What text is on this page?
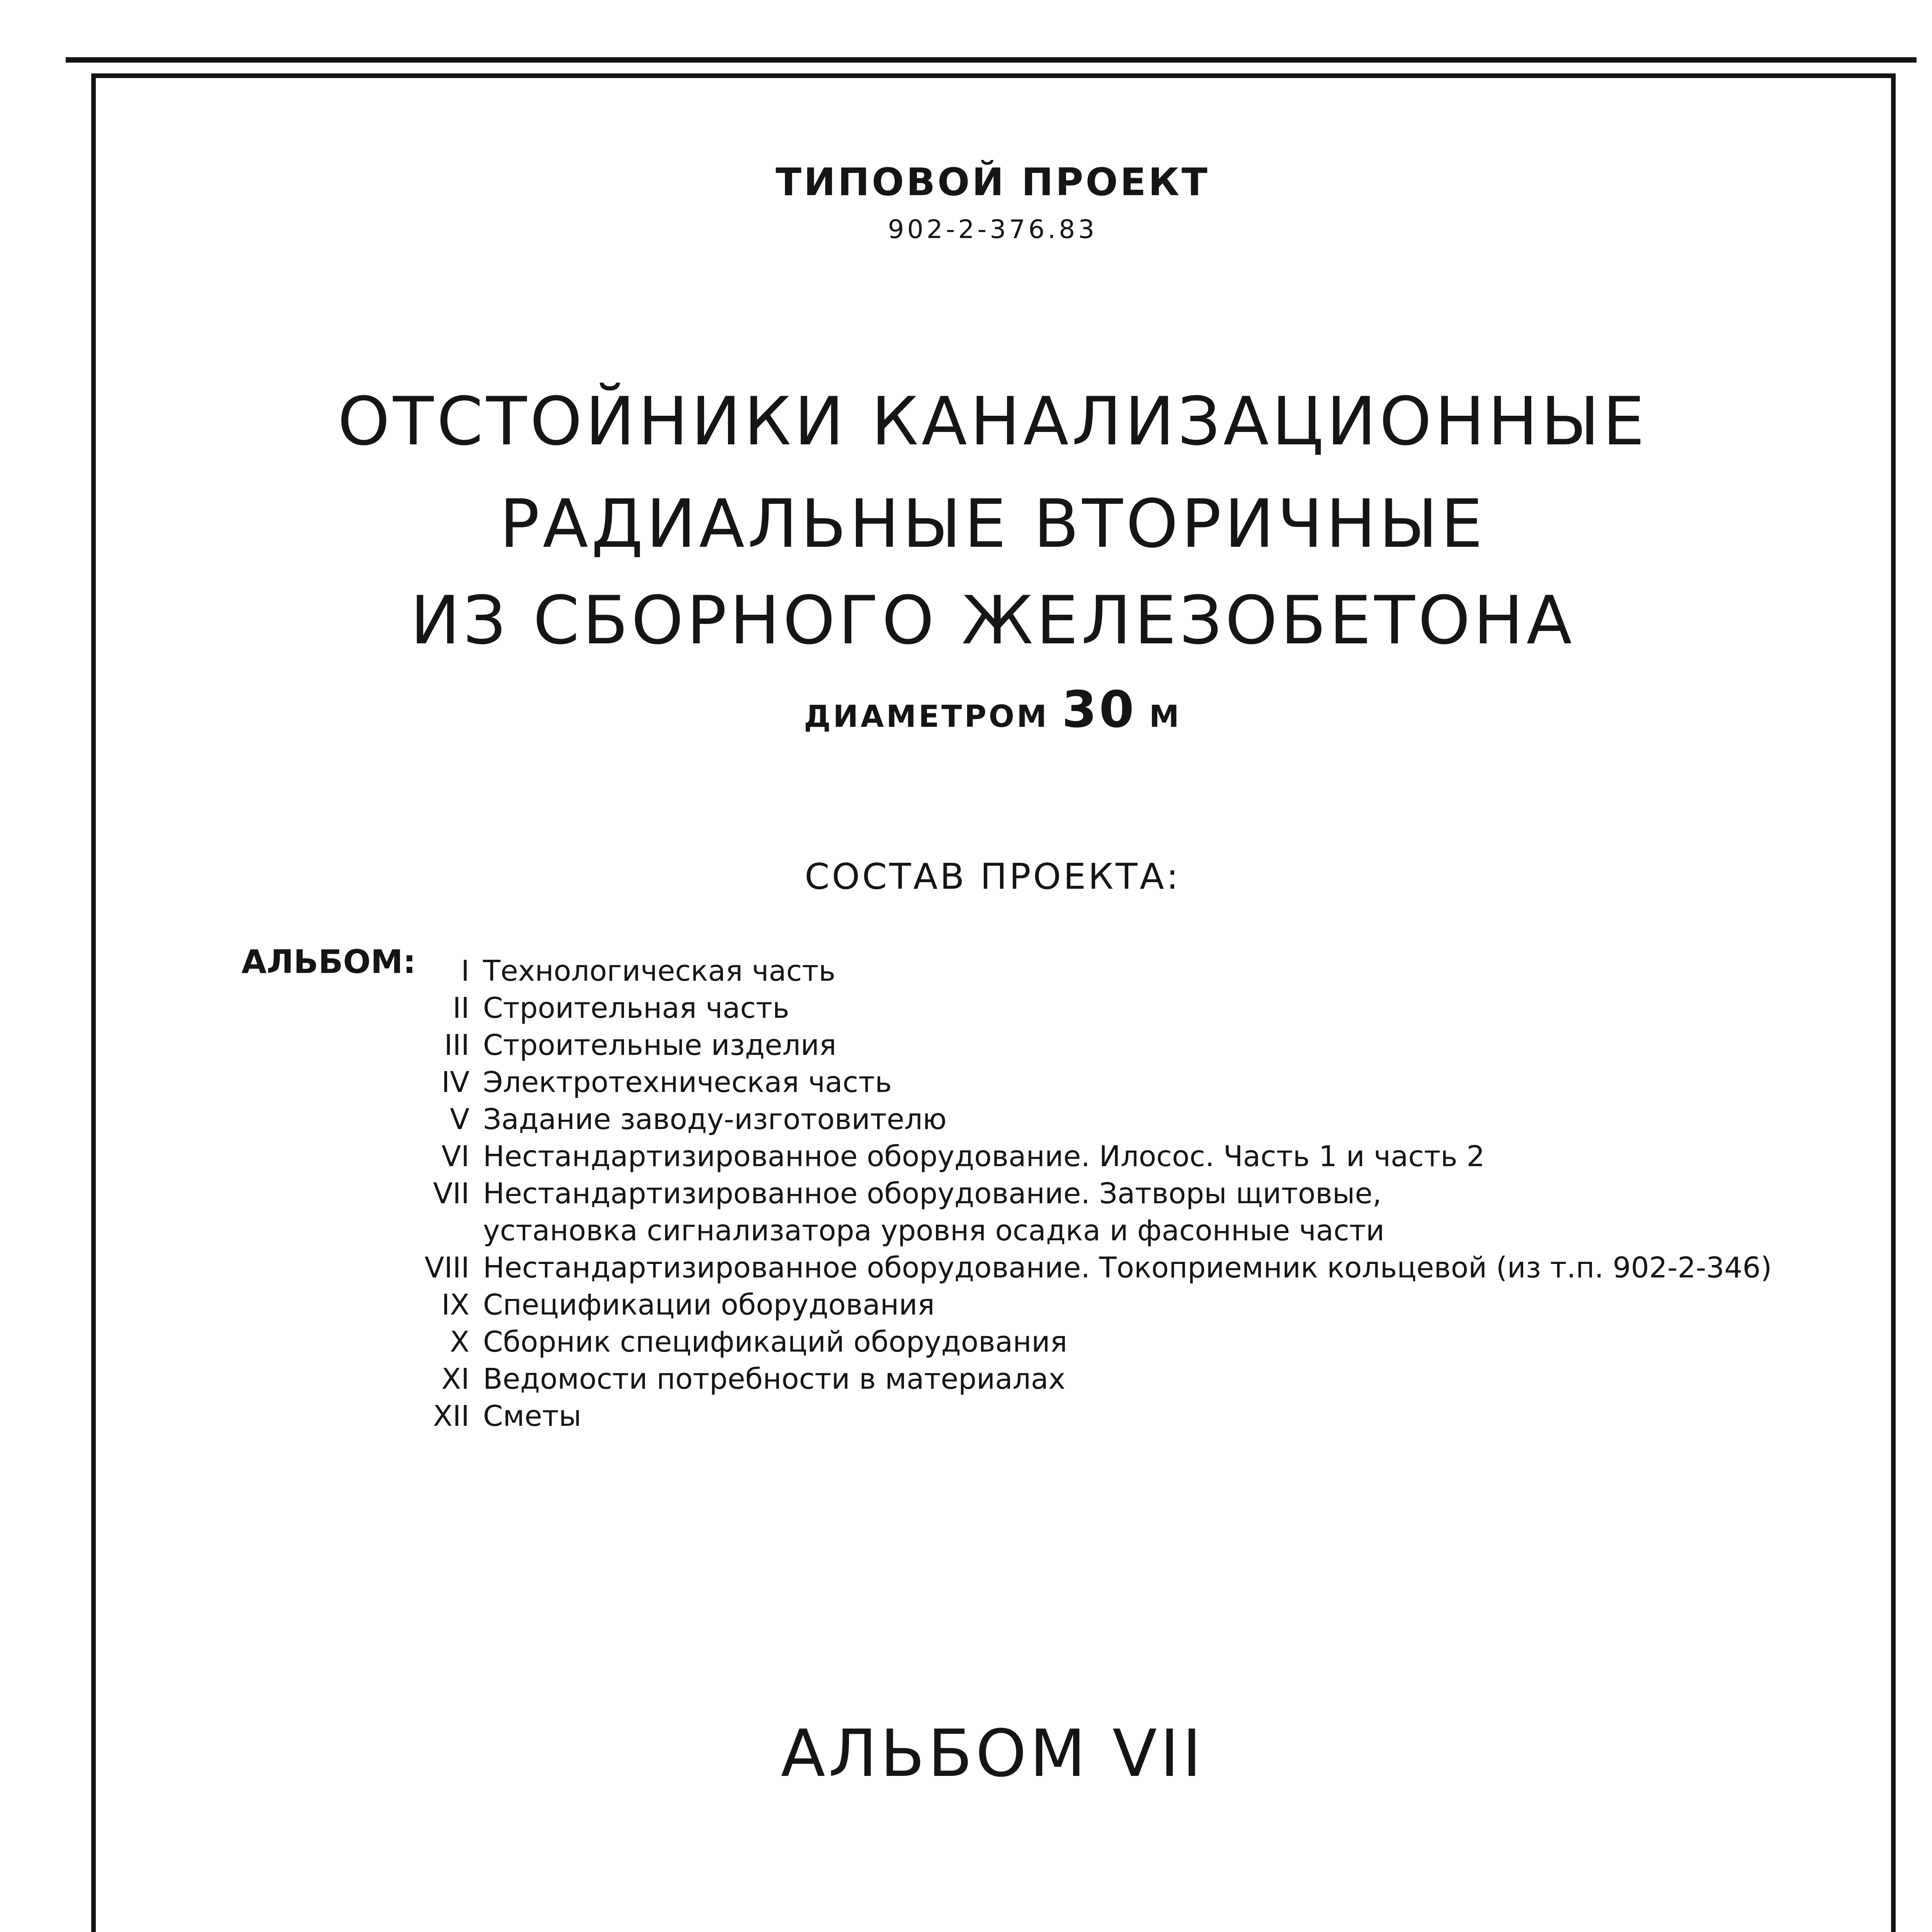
ТИПОВОЙ ПРОЕКТ
902-2-376.83
ОТСТОЙНИКИ КАНАЛИЗАЦИОННЫЕ
РАДИАЛЬНЫЕ ВТОРИЧНЫЕ
ИЗ СБОРНОГО ЖЕЛЕЗОБЕТОНА
ДИАМЕТРОМ 30 М
СОСТАВ ПРОЕКТА:
АЛЬБОМ:	I Технологическая часть
II Строительная часть
III Строительные изделия
IV Электротехническая часть
V Задание заводу-изготовителю
VI Нестандартизированное оборудование. Илосос. Часть 1 и часть 2
VII Нестандартизированное оборудование. Затворы щитовые,
установка сигнализатора уровня осадка и фасонные части
VIII Нестандартизированное оборудование. Токоприемник кольцевой (из т.п. 902-2-346)
IX Спецификации оборудования
X Сборник спецификаций оборудования
XI Ведомости потребности в материалах
XII Сметы
АЛЬБОМ VII
